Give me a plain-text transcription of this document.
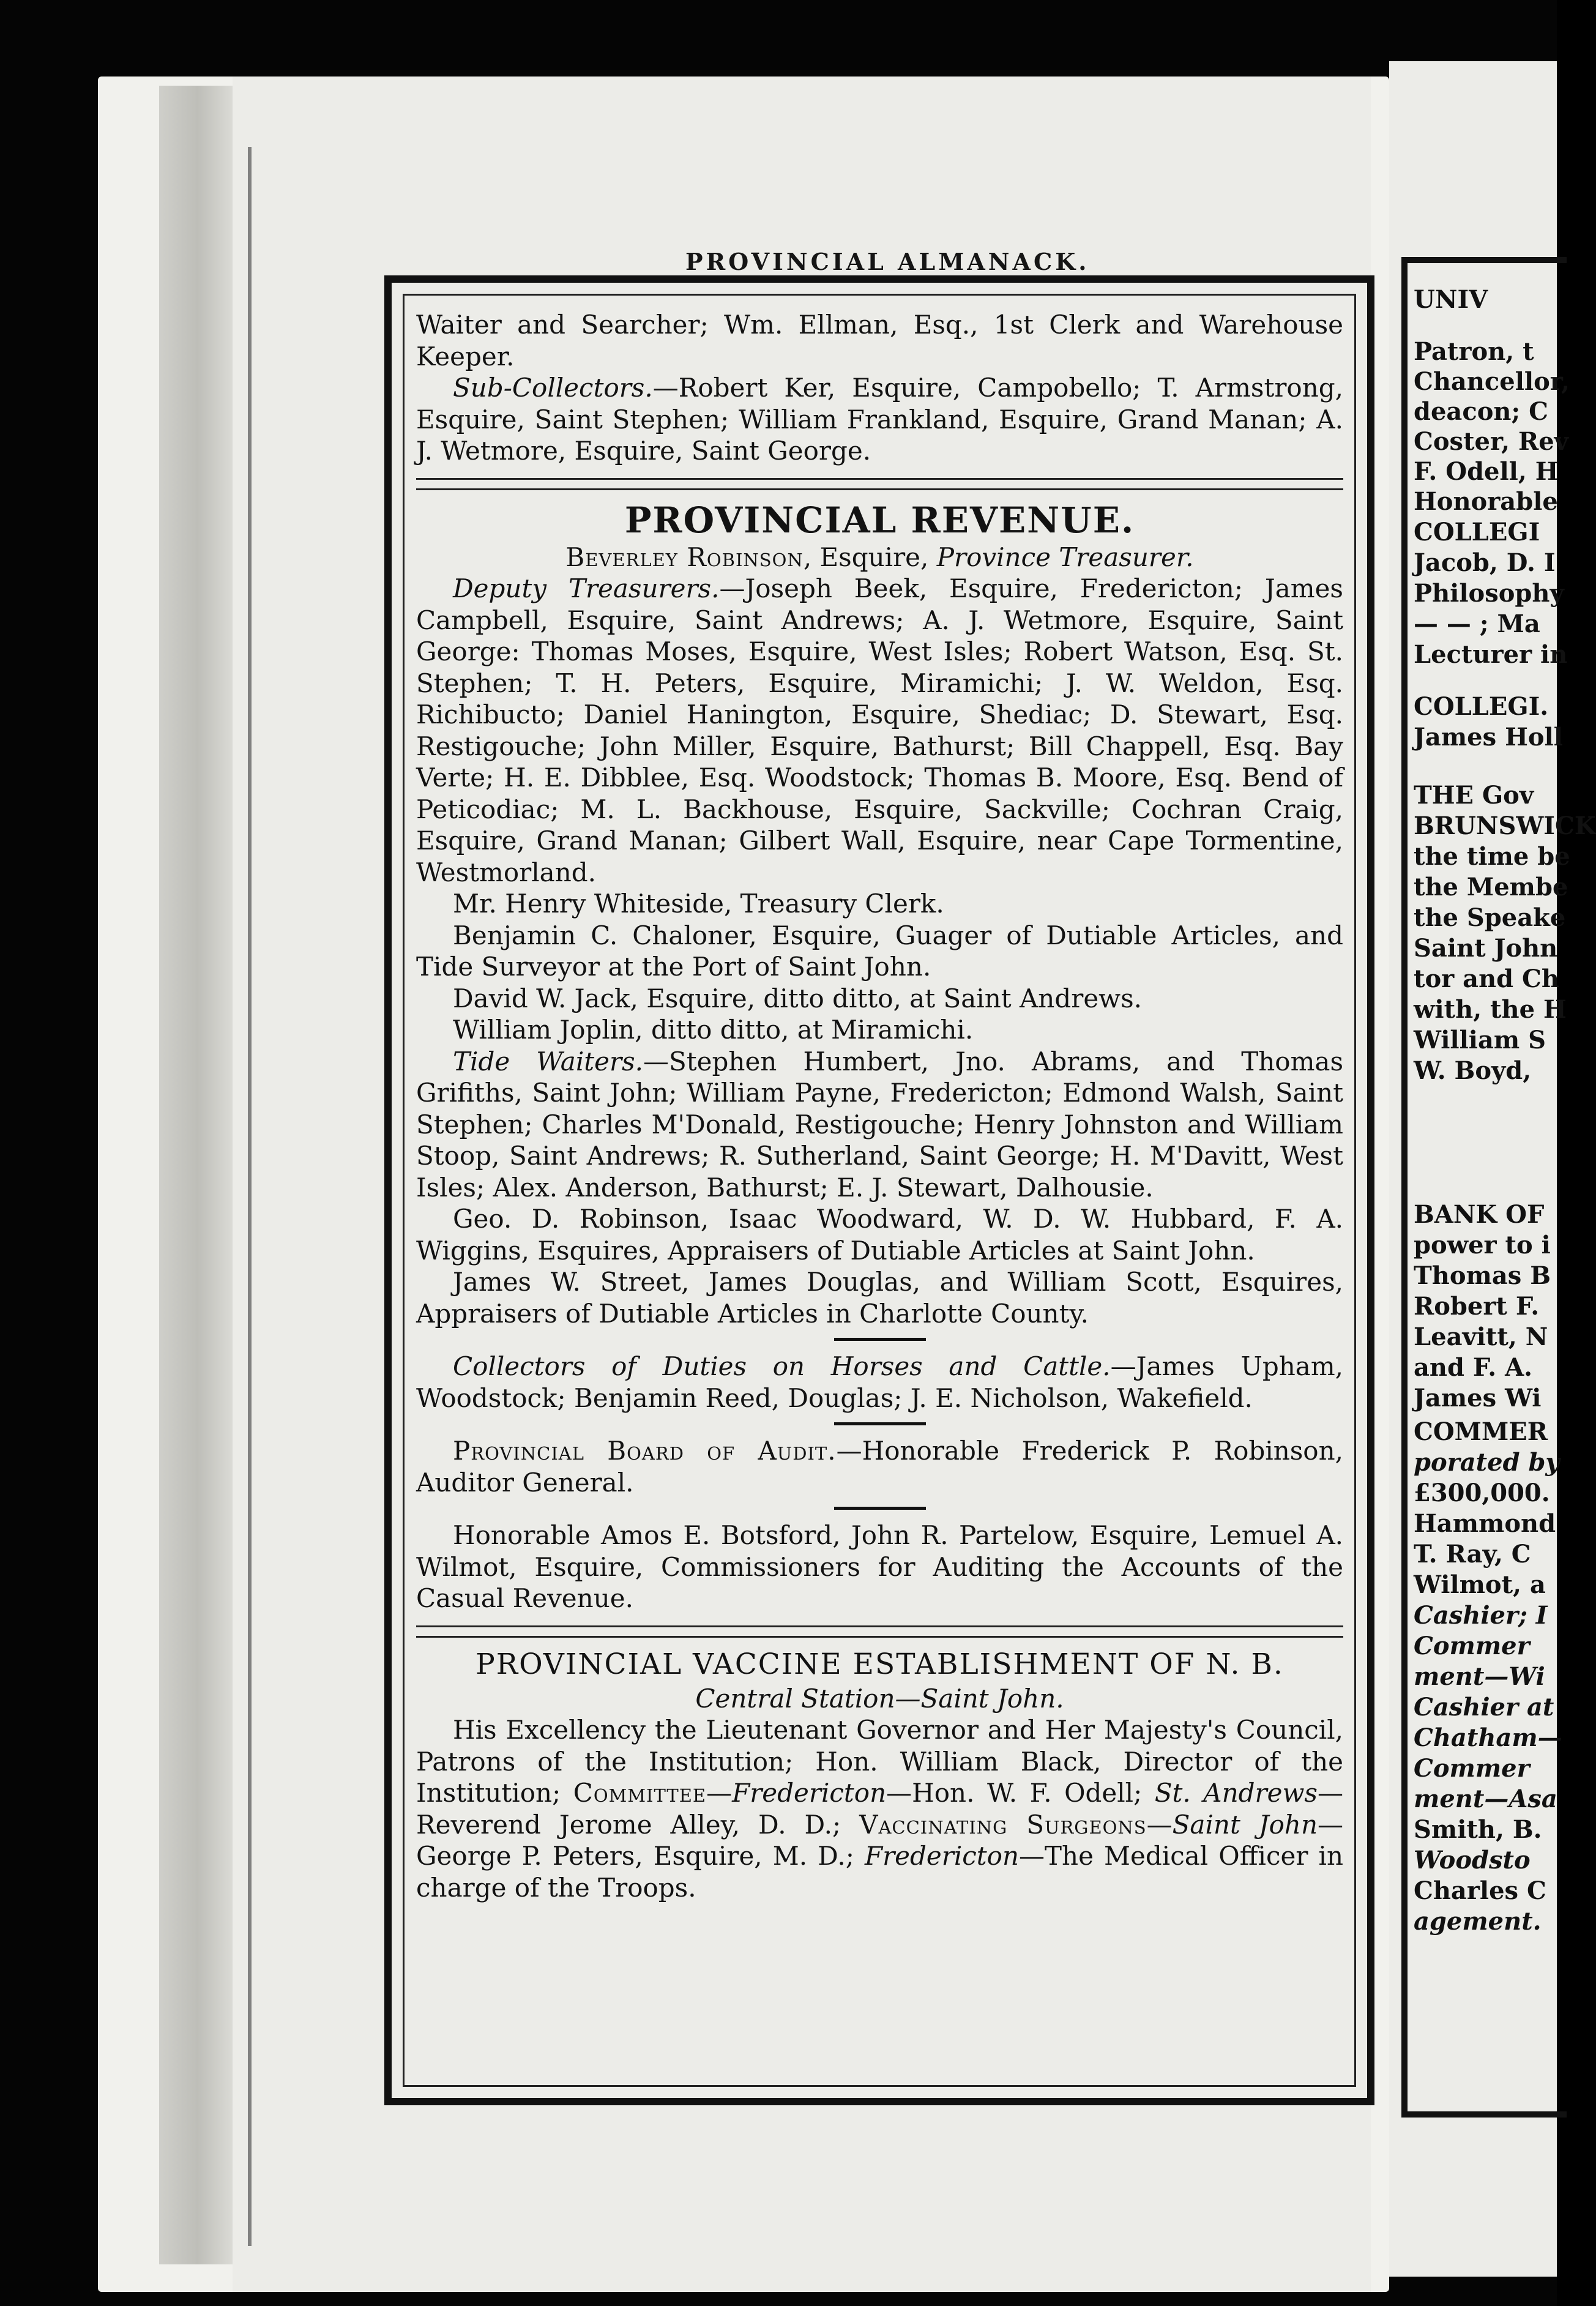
UNIV
Patron, t
Chancellor,
deacon; C
Coster, Rev
F. Odell, H
Honorable
COLLEGI
Jacob, D. I
Philosophy
— — ; Ma
Lecturer in
COLLEGI.
James Holl
THE Gov
BRUNSWICK
the time be
the Membe
the Speake
Saint John
tor and Ch
with, the H
William S
W. Boyd,
BANK OF
power to i
Thomas B
Robert F.
Leavitt, N
and F. A.
James Wi
COMMER
porated by
£300,000.
Hammond
T. Ray, C
Wilmot, a
Cashier; I
Commer
ment—Wi
Cashier at
Chatham—
Commer
ment—Asa
Smith, B.
Woodsto
Charles C
agement.
PROVINCIAL ALMANACK.

Waiter and Searcher; Wm. Ellman, Esq., 1st Clerk and Warehouse Keeper.

Sub-Collectors.—Robert Ker, Esquire, Campobello; T. Armstrong, Esquire, Saint Stephen; William Frankland, Esquire, Grand Manan; A. J. Wetmore, Esquire, Saint George.

PROVINCIAL REVENUE.

Beverley Robinson, Esquire, Province Treasurer.

Deputy Treasurers.—Joseph Beek, Esquire, Fredericton; James Campbell, Esquire, Saint Andrews; A. J. Wetmore, Esquire, Saint George: Thomas Moses, Esquire, West Isles; Robert Watson, Esq. St. Stephen; T. H. Peters, Esquire, Miramichi; J. W. Weldon, Esq. Richibucto; Daniel Hanington, Esquire, Shediac; D. Stewart, Esq. Restigouche; John Miller, Esquire, Bathurst; Bill Chappell, Esq. Bay Verte; H. E. Dibblee, Esq. Woodstock; Thomas B. Moore, Esq. Bend of Peticodiac; M. L. Backhouse, Esquire, Sackville; Cochran Craig, Esquire, Grand Manan; Gilbert Wall, Esquire, near Cape Tormentine, Westmorland.

Mr. Henry Whiteside, Treasury Clerk.

Benjamin C. Chaloner, Esquire, Guager of Dutiable Articles, and Tide Surveyor at the Port of Saint John.

David W. Jack, Esquire, ditto ditto, at Saint Andrews.

William Joplin, ditto ditto, at Miramichi.

Tide Waiters.—Stephen Humbert, Jno. Abrams, and Thomas Grifiths, Saint John; William Payne, Fredericton; Edmond Walsh, Saint Stephen; Charles M'Donald, Restigouche; Henry Johnston and William Stoop, Saint Andrews; R. Sutherland, Saint George; H. M'Davitt, West Isles; Alex. Anderson, Bathurst; E. J. Stewart, Dalhousie.

Geo. D. Robinson, Isaac Woodward, W. D. W. Hubbard, F. A. Wiggins, Esquires, Appraisers of Dutiable Articles at Saint John.

James W. Street, James Douglas, and William Scott, Esquires, Appraisers of Dutiable Articles in Charlotte County.

Collectors of Duties on Horses and Cattle.—James Upham, Woodstock; Benjamin Reed, Douglas; J. E. Nicholson, Wakefield.

Provincial Board of Audit.—Honorable Frederick P. Robinson, Auditor General.

Honorable Amos E. Botsford, John R. Partelow, Esquire, Lemuel A. Wilmot, Esquire, Commissioners for Auditing the Accounts of the Casual Revenue.

PROVINCIAL VACCINE ESTABLISHMENT OF N. B.

Central Station—Saint John.

His Excellency the Lieutenant Governor and Her Majesty's Council, Patrons of the Institution; Hon. William Black, Director of the Institution; Committee—Fredericton—Hon. W. F. Odell; St. Andrews—Reverend Jerome Alley, D. D.; Vaccinating Surgeons—Saint John—George P. Peters, Esquire, M. D.; Fredericton—The Medical Officer in charge of the Troops.
